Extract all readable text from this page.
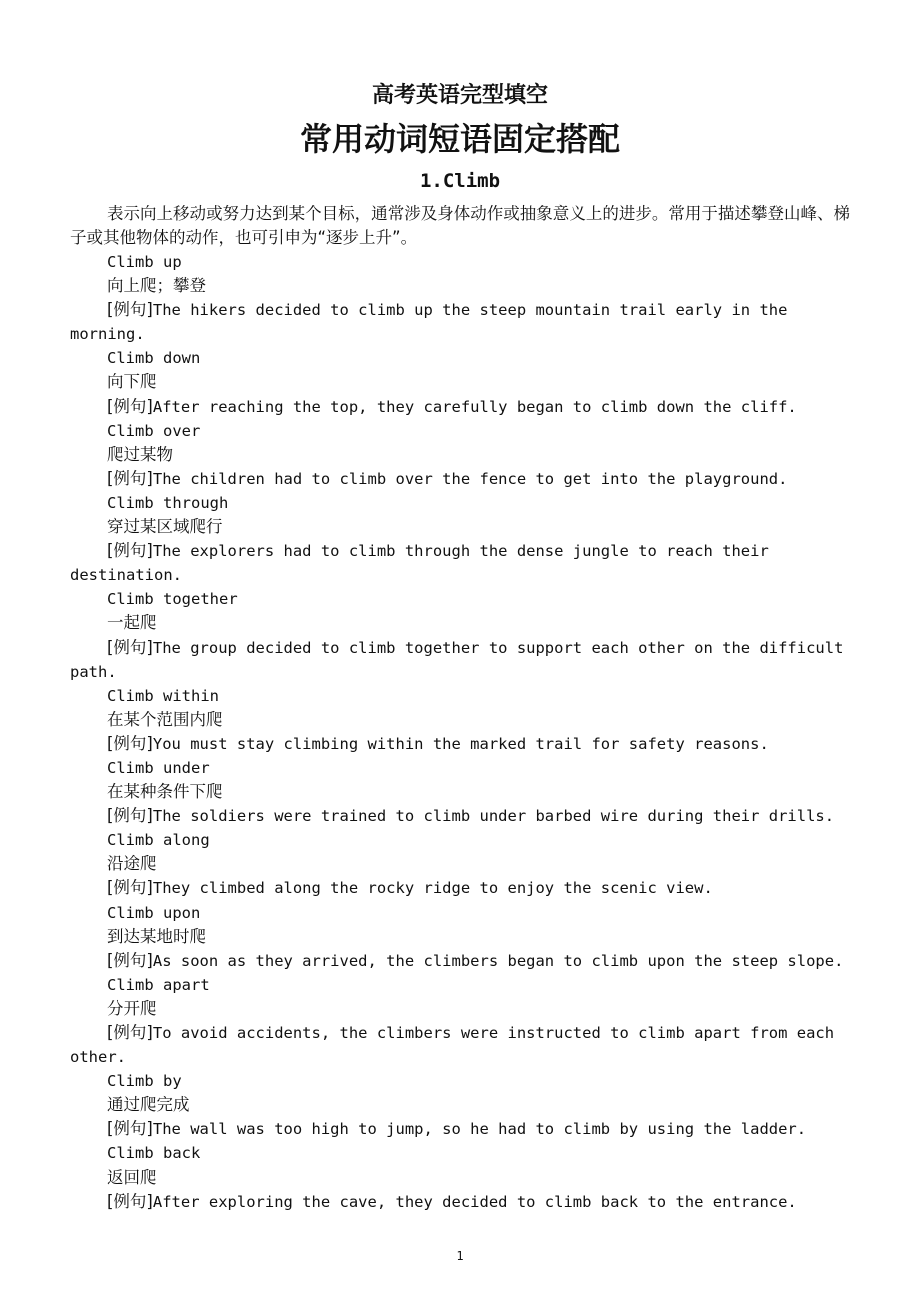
高考英语完型填空
常用动词短语固定搭配
1.Climb

表示向上移动或努力达到某个目标，通常涉及身体动作或抽象意义上的进步。常用于描述攀登山峰、梯子或其他物体的动作，也可引申为“逐步上升”。

Climb up

向上爬；攀登

[例句]The hikers decided to climb up the steep mountain trail early in the morning.

Climb down

向下爬

[例句]After reaching the top, they carefully began to climb down the cliff.

Climb over

爬过某物

[例句]The children had to climb over the fence to get into the playground.

Climb through

穿过某区域爬行

[例句]The explorers had to climb through the dense jungle to reach their destination.

Climb together

一起爬

[例句]The group decided to climb together to support each other on the difficult path.

Climb within

在某个范围内爬

[例句]You must stay climbing within the marked trail for safety reasons.

Climb under

在某种条件下爬

[例句]The soldiers were trained to climb under barbed wire during their drills.

Climb along

沿途爬

[例句]They climbed along the rocky ridge to enjoy the scenic view.

Climb upon

到达某地时爬

[例句]As soon as they arrived, the climbers began to climb upon the steep slope.

Climb apart

分开爬

[例句]To avoid accidents, the climbers were instructed to climb apart from each other.

Climb by

通过爬完成

[例句]The wall was too high to jump, so he had to climb by using the ladder.

Climb back

返回爬

[例句]After exploring the cave, they decided to climb back to the entrance.

1
